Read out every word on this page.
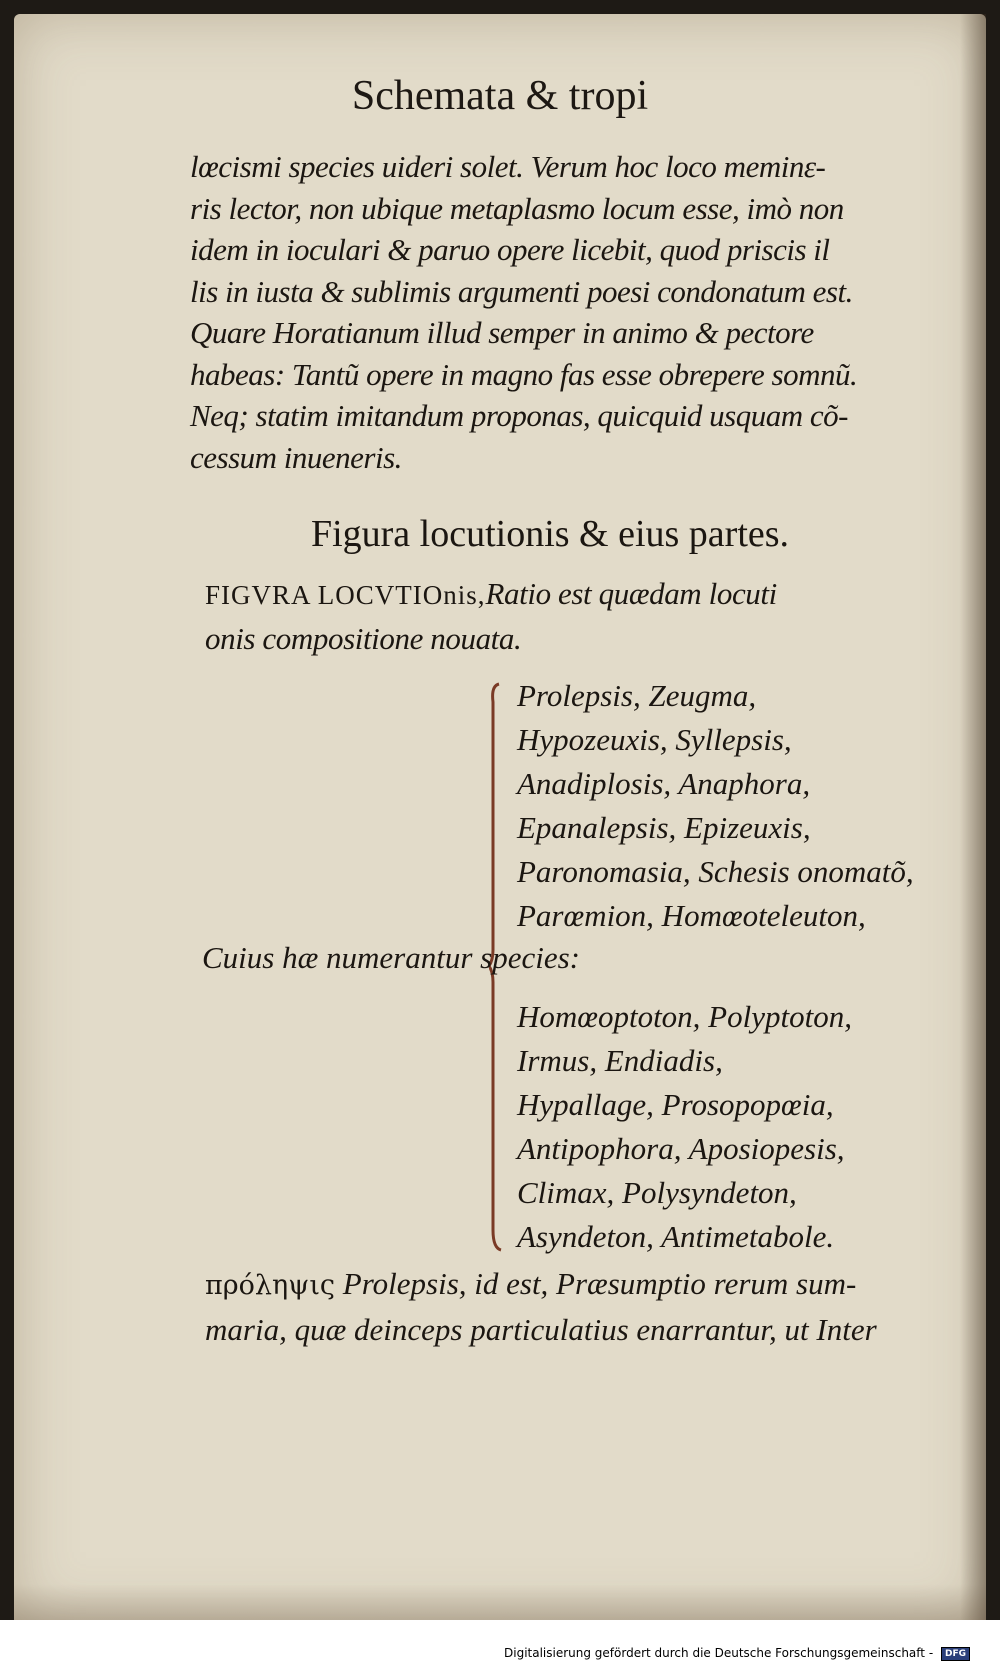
Schemata & tropi
lœcismi species uideri solet. Verum hoc loco meminε-
ris lector, non ubique metaplasmo locum esse, imò non
idem in ioculari & paruo opere licebit, quod priscis il
lis in iusta & sublimis argumenti poesi condonatum est.
Quare Horatianum illud semper in animo & pectore
habeas: Tantũ opere in magno fas esse obrepere somnũ.
Neq; statim imitandum proponas, quicquid usquam cõ-
cessum inueneris.
Figura locutionis & eius partes.
FIGVRA LOCVTIOnis,Ratio est quædam locuti
onis compositione nouata.
Prolepsis, Zeugma,
Hypozeuxis, Syllepsis,
Anadiplosis, Anaphora,
Epanalepsis, Epizeuxis,
Paronomasia, Schesis onomatõ,
Parœmion, Homœoteleuton,
Cuius hæ numerantur species:
Homœoptoton, Polyptoton,
Irmus, Endiadis,
Hypallage, Prosopopœia,
Antipophora, Aposiopesis,
Climax, Polysyndeton,
Asyndeton, Antimetabole.
πρόληψις Prolepsis, id est, Præsumptio rerum sum-
maria, quæ deinceps particulatius enarrantur, ut Inter
Digitalisierung gefördert durch die Deutsche Forschungsgemeinschaft - DFG
